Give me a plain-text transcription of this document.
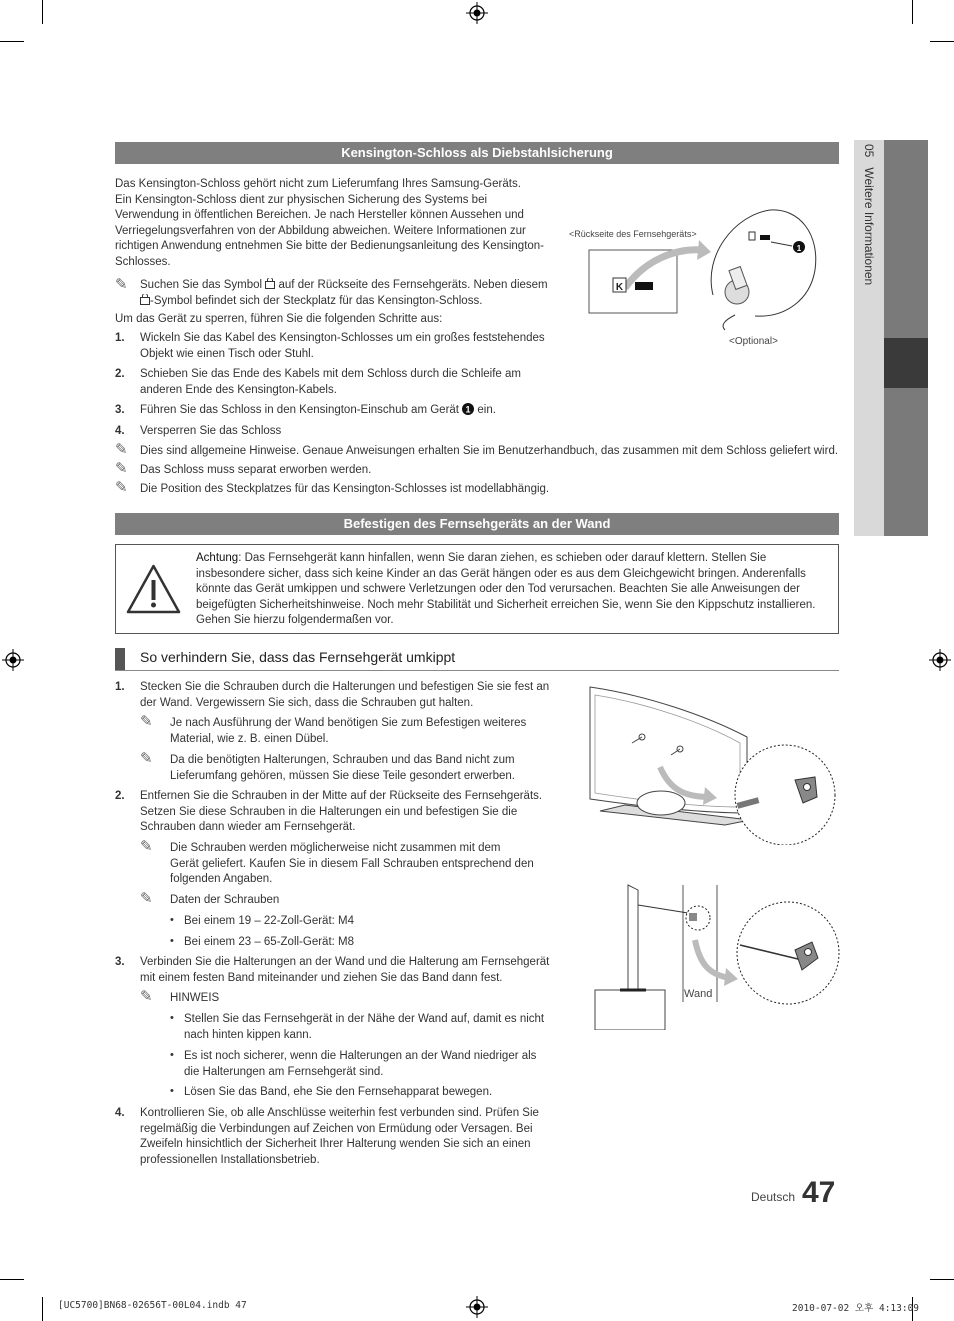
05   Weitere Informationen
Kensington-Schloss als Diebstahlsicherung
Das Kensington-Schloss gehört nicht zum Lieferumfang Ihres Samsung-Geräts.
Ein Kensington-Schloss dient zur physischen Sicherung des Systems bei
Verwendung in öffentlichen Bereichen. Je nach Hersteller können Aussehen und
Verriegelungsverfahren von der Abbildung abweichen. Weitere Informationen zur
richtigen Anwendung entnehmen Sie bitte der Bedienungsanleitung des Kensington-
Schlosses.
✎ Suchen Sie das Symbol auf der Rückseite des Fernsehgeräts. Neben diesem
-Symbol befindet sich der Steckplatz für das Kensington-Schloss.
Um das Gerät zu sperren, führen Sie die folgenden Schritte aus:
1. Wickeln Sie das Kabel des Kensington-Schlosses um ein großes feststehendes
Objekt wie einen Tisch oder Stuhl.
2. Schieben Sie das Ende des Kabels mit dem Schloss durch die Schleife am
anderen Ende des Kensington-Kabels.
3. Führen Sie das Schloss in den Kensington-Einschub am Gerät 1 ein.
4. Versperren Sie das Schloss
✎ Dies sind allgemeine Hinweise. Genaue Anweisungen erhalten Sie im Benutzerhandbuch, das zusammen mit dem Schloss geliefert wird.
✎ Das Schloss muss separat erworben werden.
✎ Die Position des Steckplatzes für das Kensington-Schlosses ist modellabhängig.
<Rückseite des Fernsehgeräts>
<Optional>
K
1
Befestigen des Fernsehgeräts an der Wand
Achtung: Das Fernsehgerät kann hinfallen, wenn Sie daran ziehen, es schieben oder darauf klettern. Stellen Sie
insbesondere sicher, dass sich keine Kinder an das Gerät hängen oder es aus dem Gleichgewicht bringen. Anderenfalls
könnte das Gerät umkippen und schwere Verletzungen oder den Tod verursachen. Beachten Sie alle Anweisungen der
beigefügten Sicherheitshinweise. Noch mehr Stabilität und Sicherheit erreichen Sie, wenn Sie den Kippschutz installieren.
Gehen Sie hierzu folgendermaßen vor.
So verhindern Sie, dass das Fernsehgerät umkippt
1. Stecken Sie die Schrauben durch die Halterungen und befestigen Sie sie fest an
der Wand. Vergewissern Sie sich, dass die Schrauben gut halten.
✎ Je nach Ausführung der Wand benötigen Sie zum Befestigen weiteres
Material, wie z. B. einen Dübel.
✎ Da die benötigten Halterungen, Schrauben und das Band nicht zum
Lieferumfang gehören, müssen Sie diese Teile gesondert erwerben.
2. Entfernen Sie die Schrauben in der Mitte auf der Rückseite des Fernsehgeräts.
Setzen Sie diese Schrauben in die Halterungen ein und befestigen Sie die
Schrauben dann wieder am Fernsehgerät.
✎ Die Schrauben werden möglicherweise nicht zusammen mit dem
Gerät geliefert. Kaufen Sie in diesem Fall Schrauben entsprechend den
folgenden Angaben.
✎ Daten der Schrauben
• Bei einem 19 – 22-Zoll-Gerät: M4
• Bei einem 23 – 65-Zoll-Gerät: M8
3. Verbinden Sie die Halterungen an der Wand und die Halterung am Fernsehgerät
mit einem festen Band miteinander und ziehen Sie das Band dann fest.
✎ HINWEIS
• Stellen Sie das Fernsehgerät in der Nähe der Wand auf, damit es nicht
nach hinten kippen kann.
• Es ist noch sicherer, wenn die Halterungen an der Wand niedriger als
die Halterungen am Fernsehgerät sind.
• Lösen Sie das Band, ehe Sie den Fernsehapparat bewegen.
4. Kontrollieren Sie, ob alle Anschlüsse weiterhin fest verbunden sind. Prüfen Sie
regelmäßig die Verbindungen auf Zeichen von Ermüdung oder Versagen. Bei
Zweifeln hinsichtlich der Sicherheit Ihrer Halterung wenden Sie sich an einen
professionellen Installationsbetrieb.
Wand
Deutsch 47
[UC5700]BN68-02656T-00L04.indb 47	2010-07-02 오후 4:13:09
